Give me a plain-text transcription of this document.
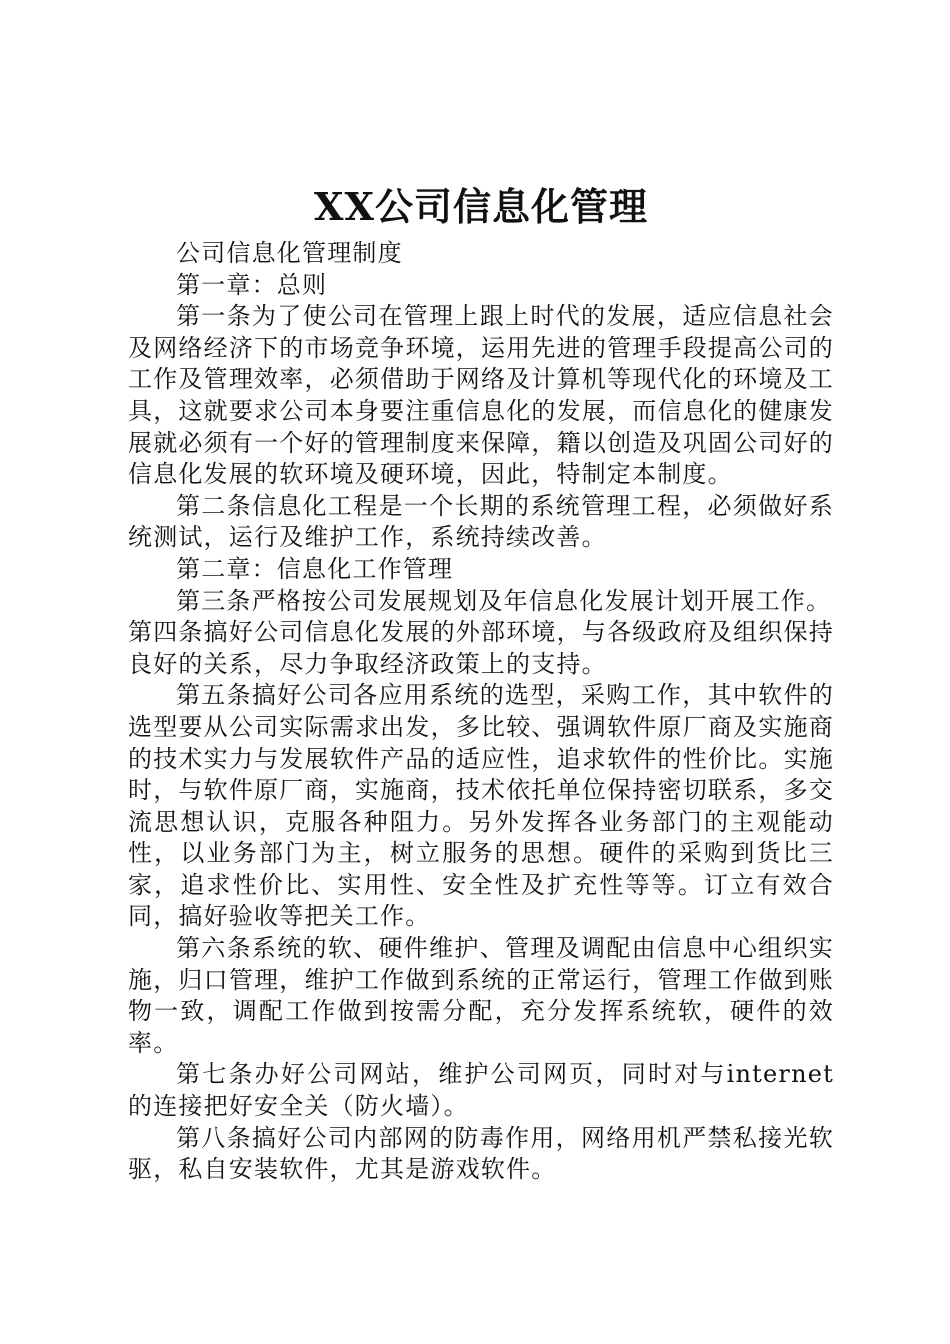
XX公司信息化管理

公司信息化管理制度

第一章：总则

第一条为了使公司在管理上跟上时代的发展，适应信息社会及网络经济下的市场竞争环境，运用先进的管理手段提高公司的工作及管理效率，必须借助于网络及计算机等现代化的环境及工具，这就要求公司本身要注重信息化的发展，而信息化的健康发展就必须有一个好的管理制度来保障，籍以创造及巩固公司好的信息化发展的软环境及硬环境，因此，特制定本制度。

第二条信息化工程是一个长期的系统管理工程，必须做好系统测试，运行及维护工作，系统持续改善。

第二章：信息化工作管理

第三条严格按公司发展规划及年信息化发展计划开展工作。

第四条搞好公司信息化发展的外部环境，与各级政府及组织保持良好的关系，尽力争取经济政策上的支持。

第五条搞好公司各应用系统的选型，采购工作，其中软件的选型要从公司实际需求出发，多比较、强调软件原厂商及实施商的技术实力与发展软件产品的适应性，追求软件的性价比。实施时，与软件原厂商，实施商，技术依托单位保持密切联系，多交流思想认识，克服各种阻力。另外发挥各业务部门的主观能动性，以业务部门为主，树立服务的思想。硬件的采购到货比三家，追求性价比、实用性、安全性及扩充性等等。订立有效合同，搞好验收等把关工作。

第六条系统的软、硬件维护、管理及调配由信息中心组织实施，归口管理，维护工作做到系统的正常运行，管理工作做到账物一致，调配工作做到按需分配，充分发挥系统软，硬件的效率。

第七条办好公司网站，维护公司网页，同时对与internet的连接把好安全关（防火墙）。

第八条搞好公司内部网的防毒作用，网络用机严禁私接光软驱，私自安装软件，尤其是游戏软件。
